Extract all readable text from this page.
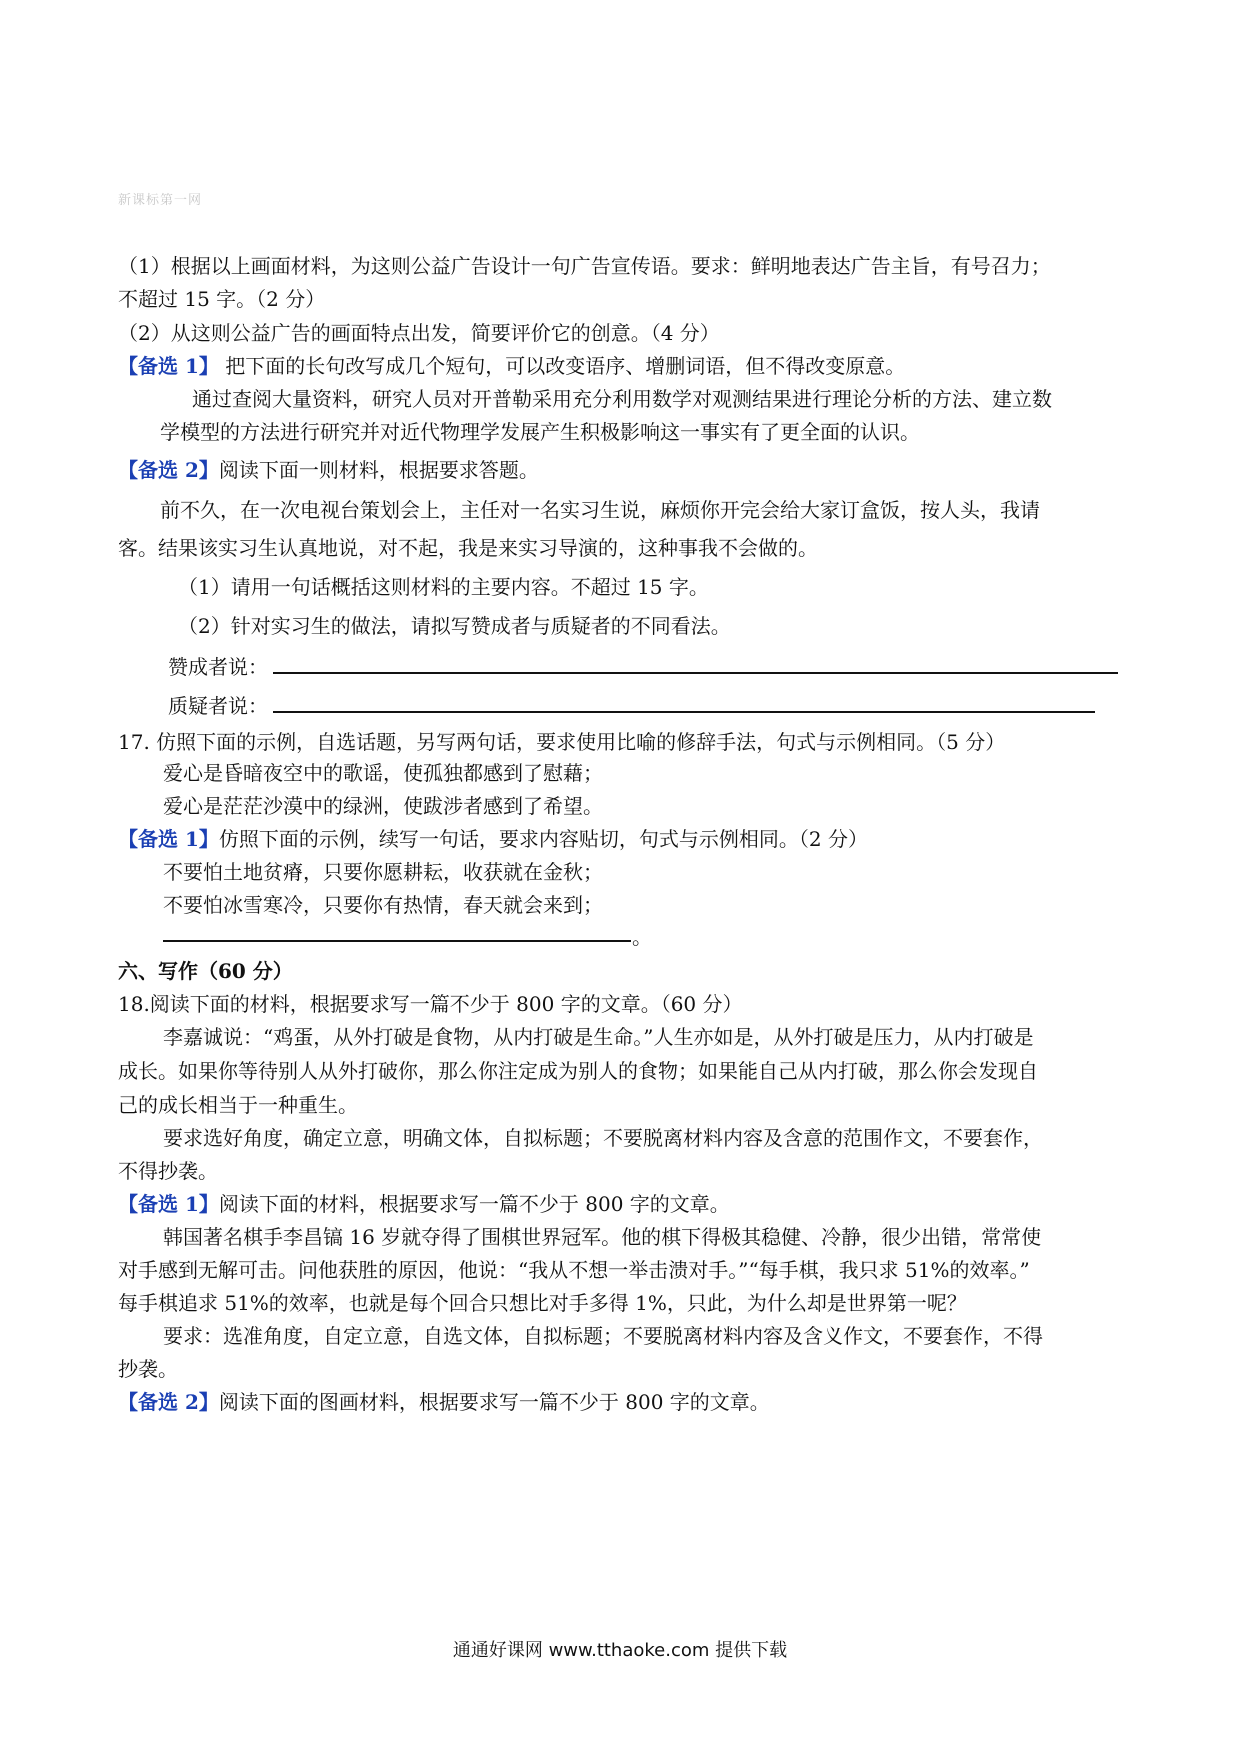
新课标第一网
（1）根据以上画面材料，为这则公益广告设计一句广告宣传语。要求：鲜明地表达广告主旨，有号召力；
不超过 15 字。（2 分）
（2）从这则公益广告的画面特点出发，简要评价它的创意。（4 分）
【备选 1】 把下面的长句改写成几个短句，可以改变语序、增删词语，但不得改变原意。
通过查阅大量资料，研究人员对开普勒采用充分利用数学对观测结果进行理论分析的方法、建立数
学模型的方法进行研究并对近代物理学发展产生积极影响这一事实有了更全面的认识。
【备选 2】阅读下面一则材料，根据要求答题。
前不久，在一次电视台策划会上，主任对一名实习生说，麻烦你开完会给大家订盒饭，按人头，我请
客。结果该实习生认真地说，对不起，我是来实习导演的，这种事我不会做的。
（1）请用一句话概括这则材料的主要内容。不超过 15 字。
（2）针对实习生的做法，请拟写赞成者与质疑者的不同看法。
赞成者说：
质疑者说：
17. 仿照下面的示例，自选话题，另写两句话，要求使用比喻的修辞手法，句式与示例相同。（5 分）
爱心是昏暗夜空中的歌谣，使孤独都感到了慰藉；
爱心是茫茫沙漠中的绿洲，使跋涉者感到了希望。
【备选 1】仿照下面的示例，续写一句话，要求内容贴切，句式与示例相同。（2 分）
不要怕土地贫瘠，只要你愿耕耘，收获就在金秋；
不要怕冰雪寒冷，只要你有热情，春天就会来到；
。
六、写作（60 分）
18.阅读下面的材料，根据要求写一篇不少于 800 字的文章。（60 分）
李嘉诚说：“鸡蛋，从外打破是食物，从内打破是生命。”人生亦如是，从外打破是压力，从内打破是
成长。如果你等待别人从外打破你，那么你注定成为别人的食物；如果能自己从内打破，那么你会发现自
己的成长相当于一种重生。
要求选好角度，确定立意，明确文体，自拟标题；不要脱离材料内容及含意的范围作文，不要套作，
不得抄袭。
【备选 1】阅读下面的材料，根据要求写一篇不少于 800 字的文章。
韩国著名棋手李昌镐 16 岁就夺得了围棋世界冠军。他的棋下得极其稳健、冷静，很少出错，常常使
对手感到无解可击。问他获胜的原因，他说：“我从不想一举击溃对手。”“每手棋，我只求 51%的效率。”
每手棋追求 51%的效率，也就是每个回合只想比对手多得 1%，只此，为什么却是世界第一呢？
要求：选准角度，自定立意，自选文体，自拟标题；不要脱离材料内容及含义作文，不要套作，不得
抄袭。
【备选 2】阅读下面的图画材料，根据要求写一篇不少于 800 字的文章。
通通好课网 www.tthaoke.com 提供下载
